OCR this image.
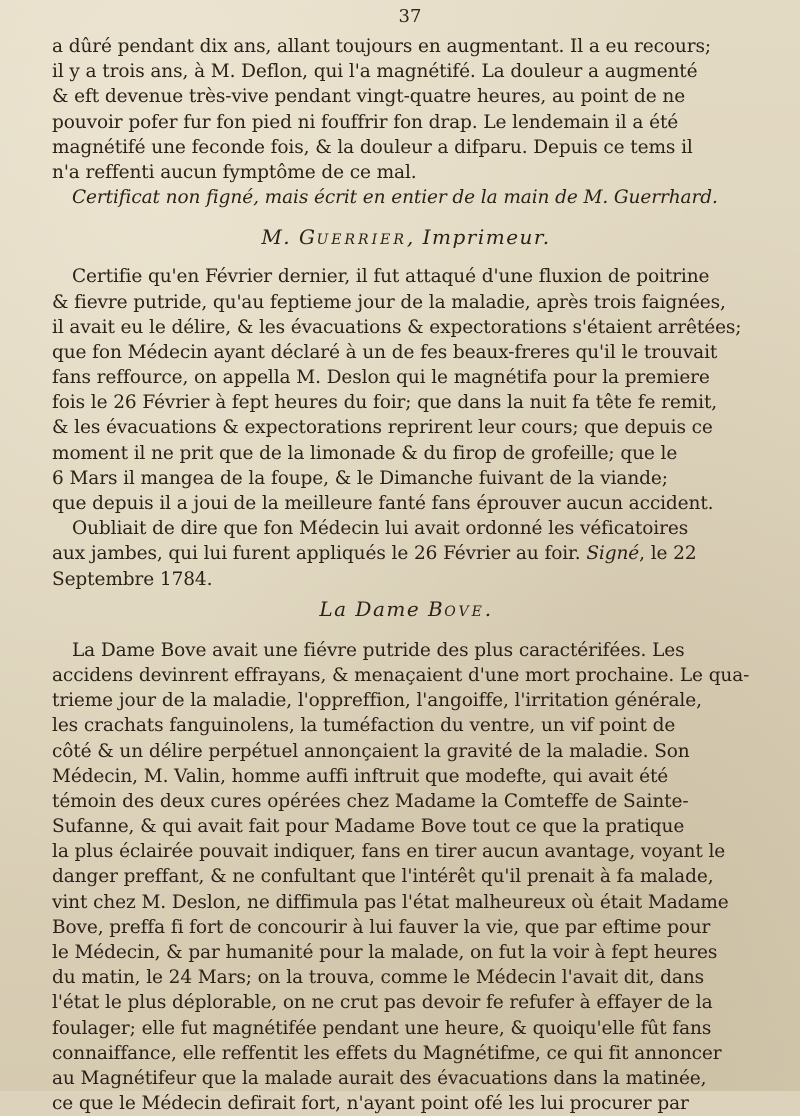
37
a dûré pendant dix ans, allant toujours en augmentant. Il a eu recours;
il y a trois ans, à M. Deflon, qui l'a magnétifé. La douleur a augmenté
& eft devenue très-vive pendant vingt-quatre heures, au point de ne
pouvoir pofer fur fon pied ni fouffrir fon drap. Le lendemain il a été
magnétifé une feconde fois, & la douleur a difparu. Depuis ce tems il
n'a reffenti aucun fymptôme de ce mal.
Certificat non figné, mais écrit en entier de la main de M. Guerrhard.
M. Guerrier, Imprimeur.
Certifie qu'en Février dernier, il fut attaqué d'une fluxion de poitrine
& fievre putride, qu'au feptieme jour de la maladie, après trois faignées,
il avait eu le délire, & les évacuations & expectorations s'étaient arrêtées;
que fon Médecin ayant déclaré à un de fes beaux-freres qu'il le trouvait
fans reffource, on appella M. Deslon qui le magnétifa pour la premiere
fois le 26 Février à fept heures du foir; que dans la nuit fa tête fe remit,
& les évacuations & expectorations reprirent leur cours; que depuis ce
moment il ne prit que de la limonade & du firop de grofeille; que le
6 Mars il mangea de la foupe, & le Dimanche fuivant de la viande;
que depuis il a joui de la meilleure fanté fans éprouver aucun accident.
Oubliait de dire que fon Médecin lui avait ordonné les véficatoires
aux jambes, qui lui furent appliqués le 26 Février au foir. Signé, le 22
Septembre 1784.
La Dame Bove.
La Dame Bove avait une fiévre putride des plus caractérifées. Les
accidens devinrent effrayans, & menaçaient d'une mort prochaine. Le qua-
trieme jour de la maladie, l'oppreffion, l'angoiffe, l'irritation générale,
les crachats fanguinolens, la tuméfaction du ventre, un vif point de
côté & un délire perpétuel annonçaient la gravité de la maladie. Son
Médecin, M. Valin, homme auffi inftruit que modefte, qui avait été
témoin des deux cures opérées chez Madame la Comteffe de Sainte-
Sufanne, & qui avait fait pour Madame Bove tout ce que la pratique
la plus éclairée pouvait indiquer, fans en tirer aucun avantage, voyant le
danger preffant, & ne confultant que l'intérêt qu'il prenait à fa malade,
vint chez M. Deslon, ne diffimula pas l'état malheureux où était Madame
Bove, preffa fi fort de concourir à lui fauver la vie, que par eftime pour
le Médecin, & par humanité pour la malade, on fut la voir à fept heures
du matin, le 24 Mars; on la trouva, comme le Médecin l'avait dit, dans
l'état le plus déplorable, on ne crut pas devoir fe refufer à effayer de la
foulager; elle fut magnétifée pendant une heure, & quoiqu'elle fût fans
connaiffance, elle reffentit les effets du Magnétifme, ce qui fit annoncer
au Magnétifeur que la malade aurait des évacuations dans la matinée,
ce que le Médecin defirait fort, n'ayant point ofé les lui procurer par
